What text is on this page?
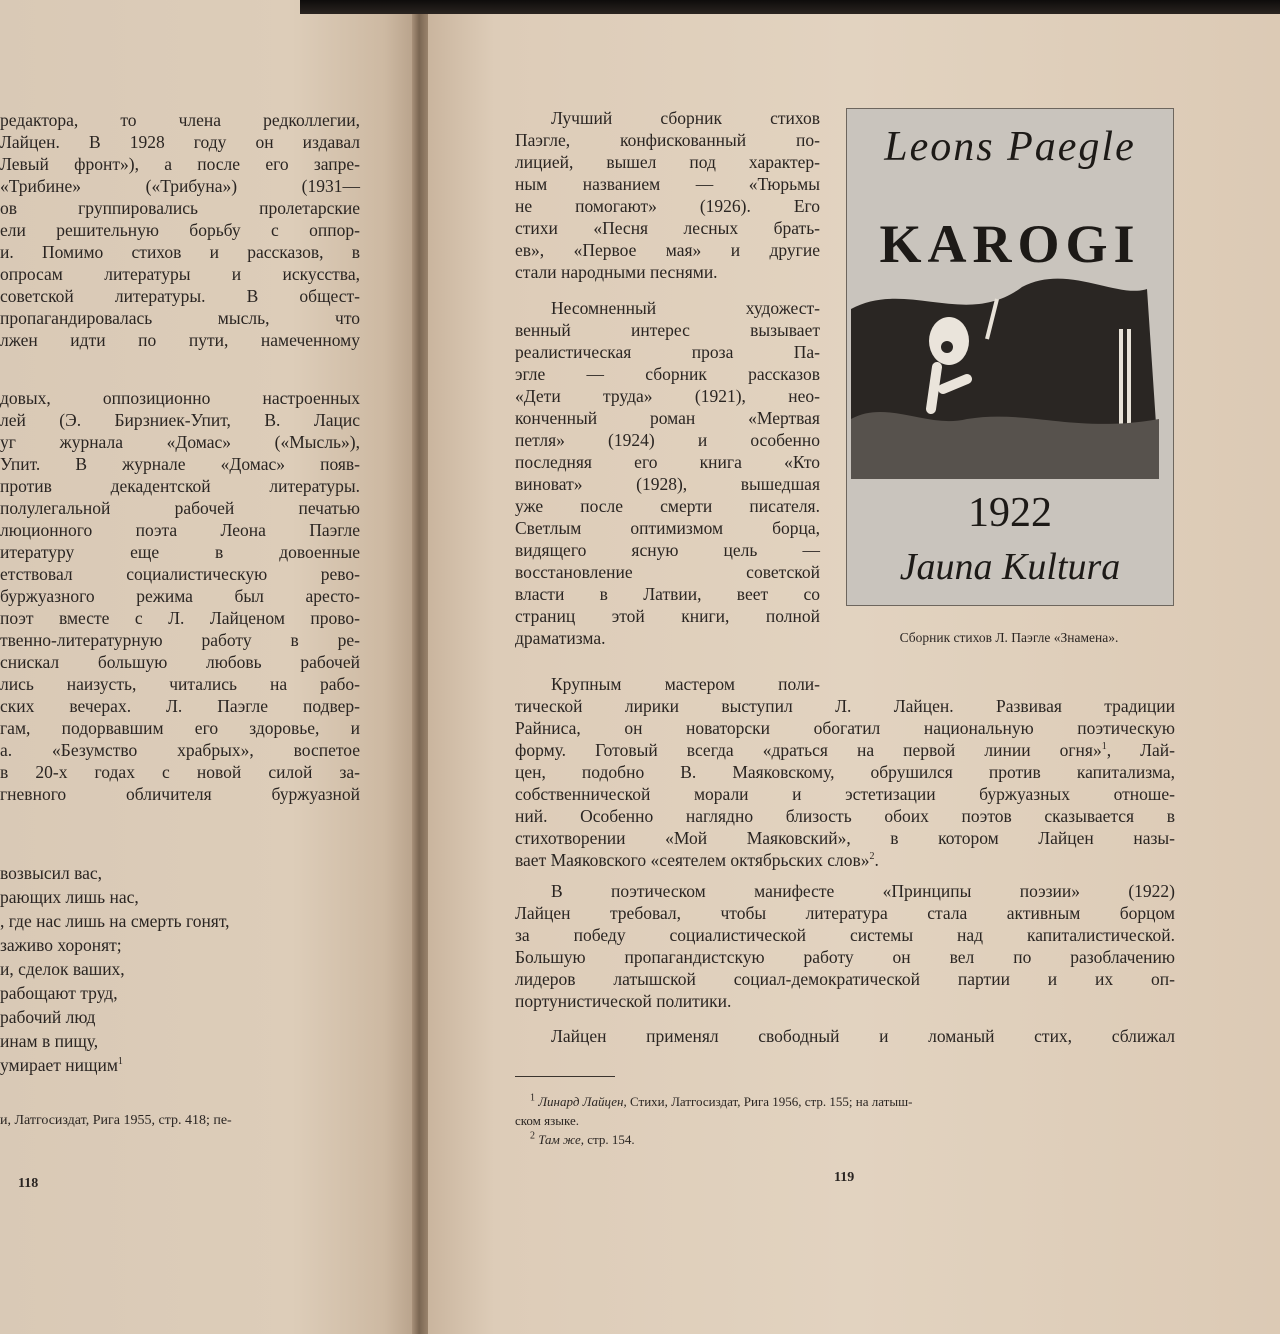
редактора, то члена редколлегии,
Лайцен. В 1928 году он издавал
Левый фронт»), а после его запре-
«Трибине» («Трибуна») (1931—
ов группировались пролетарские
ели решительную борьбу с оппор-
и. Помимо стихов и рассказов, в
опросам литературы и искусства,
советской литературы. В общест-
пропагандировалась мысль, что
лжен идти по пути, намеченному
довых, оппозиционно настроенных
лей (Э. Бирзниек-Упит, В. Лацис
уг журнала «Домас» («Мысль»),
Упит. В журнале «Домас» появ-
против декадентской литературы.
полулегальной рабочей печатью
люционного поэта Леона Паэгле
итературу еще в довоенные
етствовал социалистическую рево-
буржуазного режима был аресто-
поэт вместе с Л. Лайценом прово-
твенно-литературную работу в ре-
снискал большую любовь рабочей
лись наизусть, читались на рабо-
ских вечерах. Л. Паэгле подвер-
гам, подорвавшим его здоровье, и
а. «Безумство храбрых», воспетое
в 20-х годах с новой силой за-
гневного обличителя буржуазной
возвысил вас,
рающих лишь нас,
, где нас лишь на смерть гонят,
заживо хоронят;
и, сделок ваших,
рабощают труд,
рабочий люд
инам в пищу,
умирает нищим$^1$
и, Латгосиздат, Рига 1955, стр. 418; пе-
118
Лучший сборник стихов
Паэгле, конфискованный по-
лицией, вышел под характер-
ным названием — «Тюрьмы
не помогают» (1926). Его
стихи «Песня лесных брать-
ев», «Первое мая» и другие
стали народными песнями.
Несомненный художест-
венный интерес вызывает
реалистическая проза Па-
эгле — сборник рассказов
«Дети труда» (1921), нео-
конченный роман «Мертвая
петля» (1924) и особенно
последняя его книга «Кто
виноват» (1928), вышедшая
уже после смерти писателя.
Светлым оптимизмом борца,
видящего ясную цель —
восстановление советской
власти в Латвии, веет со
страниц этой книги, полной
драматизма.
Крупным мастером поли-
тической лирики выступил Л. Лайцен. Развивая традиции
Райниса, он новаторски обогатил национальную поэтическую
форму. Готовый всегда «драться на первой линии огня»$^1$, Лай-
цен, подобно В. Маяковскому, обрушился против капитализма,
собственнической морали и эстетизации буржуазных отноше-
ний. Особенно наглядно близость обоих поэтов сказывается в
стихотворении «Мой Маяковский», в котором Лайцен назы-
вает Маяковского «сеятелем октябрьских слов»$^2$.
В поэтическом манифесте «Принципы поэзии» (1922)
Лайцен требовал, чтобы литература стала активным борцом
за победу социалистической системы над капиталистической.
Большую пропагандистскую работу он вел по разоблачению
лидеров латышской социал-демократической партии и их оп-
портунистической политики.
Лайцен применял свободный и ломаный стих, сближал
Leons Paegle
KAROGI
1922
Jauna Kultura
Сборник стихов Л. Паэгле «Знамена».
$^1$ Линард Лайцен, Стихи, Латгосиздат, Рига 1956, стр. 155; на латыш-
ском языке.
$^2$ Там же, стр. 154.
119
